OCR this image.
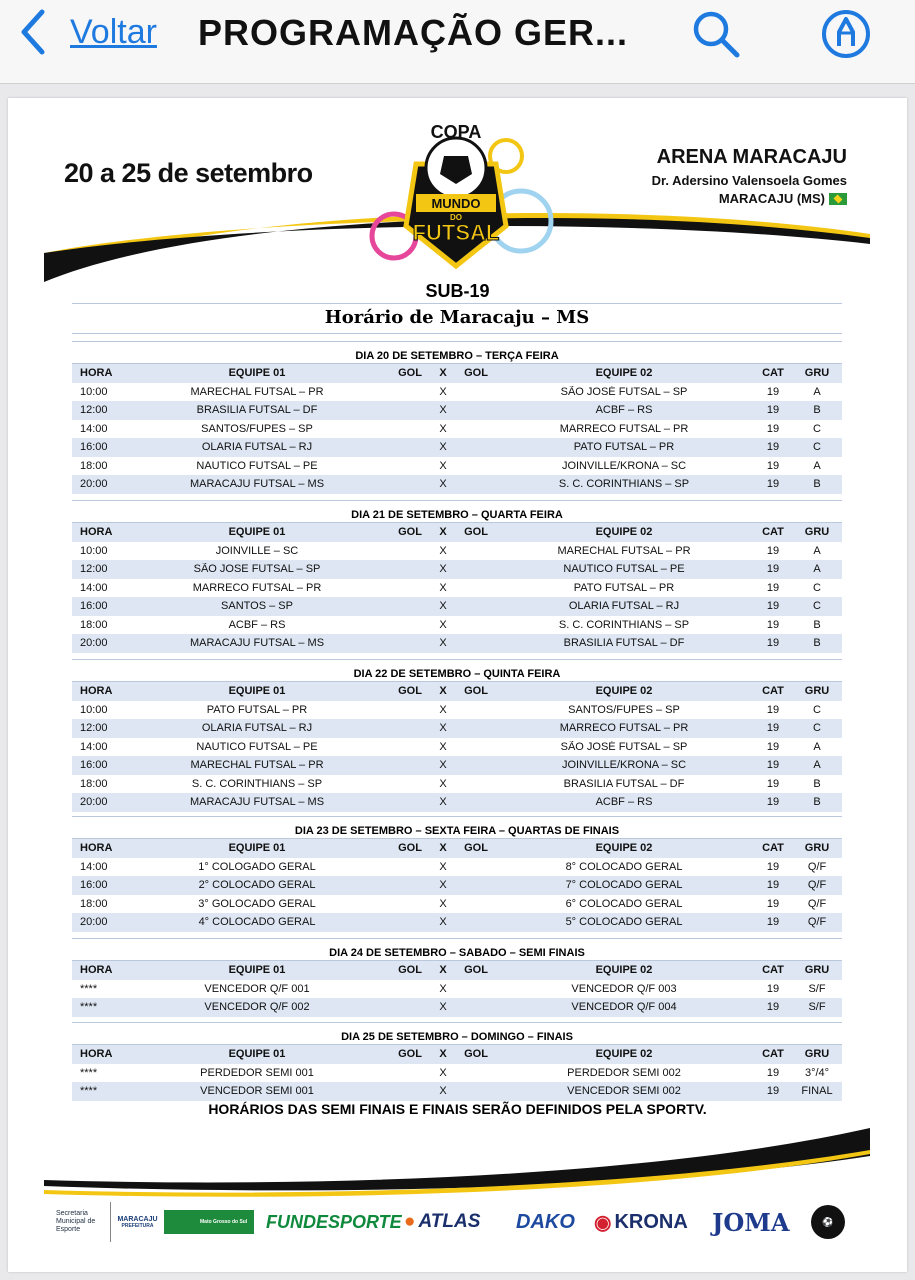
Voltar PROGRAMAÇÃO GER...
20 a 25 de setembro
COPA
MUNDO
DO
FUTSAL
ARENA MARACAJU
Dr. Adersino Valensoela Gomes
MARACAJU (MS)
SUB-19
Horário de Maracaju – MS
DIA 20 DE SETEMBRO – TERÇA FEIRA
HORA	EQUIPE 01	GOL	X	GOL	EQUIPE 02	CAT	GRU
10:00	MARECHAL FUTSAL – PR	X	SÃO JOSÉ FUTSAL – SP	19	A
12:00	BRASILIA FUTSAL – DF	X	ACBF – RS	19	B
14:00	SANTOS/FUPES – SP	X	MARRECO FUTSAL – PR	19	C
16:00	OLARIA FUTSAL – RJ	X	PATO FUTSAL – PR	19	C
18:00	NAUTICO FUTSAL – PE	X	JOINVILLE/KRONA – SC	19	A
20:00	MARACAJU FUTSAL – MS	X	S. C. CORINTHIANS – SP	19	B
DIA 21 DE SETEMBRO – QUARTA FEIRA
HORA	EQUIPE 01	GOL	X	GOL	EQUIPE 02	CAT	GRU
10:00	JOINVILLE – SC	X	MARECHAL FUTSAL – PR	19	A
12:00	SÃO JOSE FUTSAL – SP	X	NAUTICO FUTSAL – PE	19	A
14:00	MARRECO FUTSAL – PR	X	PATO FUTSAL – PR	19	C
16:00	SANTOS – SP	X	OLARIA FUTSAL – RJ	19	C
18:00	ACBF – RS	X	S. C. CORINTHIANS – SP	19	B
20:00	MARACAJU FUTSAL – MS	X	BRASILIA FUTSAL – DF	19	B
DIA 22 DE SETEMBRO – QUINTA FEIRA
HORA	EQUIPE 01	GOL	X	GOL	EQUIPE 02	CAT	GRU
10:00	PATO FUTSAL – PR	X	SANTOS/FUPES – SP	19	C
12:00	OLARIA FUTSAL – RJ	X	MARRECO FUTSAL – PR	19	C
14:00	NAUTICO FUTSAL – PE	X	SÃO JOSÉ FUTSAL – SP	19	A
16:00	MARECHAL FUTSAL – PR	X	JOINVILLE/KRONA – SC	19	A
18:00	S. C. CORINTHIANS – SP	X	BRASILIA FUTSAL – DF	19	B
20:00	MARACAJU FUTSAL – MS	X	ACBF – RS	19	B
DIA 23 DE SETEMBRO – SEXTA FEIRA – QUARTAS DE FINAIS
HORA	EQUIPE 01	GOL	X	GOL	EQUIPE 02	CAT	GRU
14:00	1° COLOGADO GERAL	X	8° COLOCADO GERAL	19	Q/F
16:00	2° COLOCADO GERAL	X	7° COLOCADO GERAL	19	Q/F
18:00	3° GOLOCADO GERAL	X	6° COLOCADO GERAL	19	Q/F
20:00	4° COLOCADO GERAL	X	5° COLOCADO GERAL	19	Q/F
DIA 24 DE SETEMBRO – SABADO – SEMI FINAIS
HORA	EQUIPE 01	GOL	X	GOL	EQUIPE 02	CAT	GRU
****	VENCEDOR Q/F 001	X	VENCEDOR Q/F 003	19	S/F
****	VENCEDOR Q/F 002	X	VENCEDOR Q/F 004	19	S/F
DIA 25 DE SETEMBRO – DOMINGO – FINAIS
HORA	EQUIPE 01	GOL	X	GOL	EQUIPE 02	CAT	GRU
****	PERDEDOR SEMI 001	X	PERDEDOR SEMI 002	19	3°/4°
****	VENCEDOR SEMI 001	X	VENCEDOR SEMI 002	19	FINAL
HORÁRIOS DAS SEMI FINAIS E FINAIS SERÃO DEFINIDOS PELA SPORTV.
Secretaria Municipal de Esporte
MARACAJU
PREFEITURA
Mato Grosso do Sul	FUNDESPORTE ● ATLAS DAKO ◉ KRONA JOMA	⚽
